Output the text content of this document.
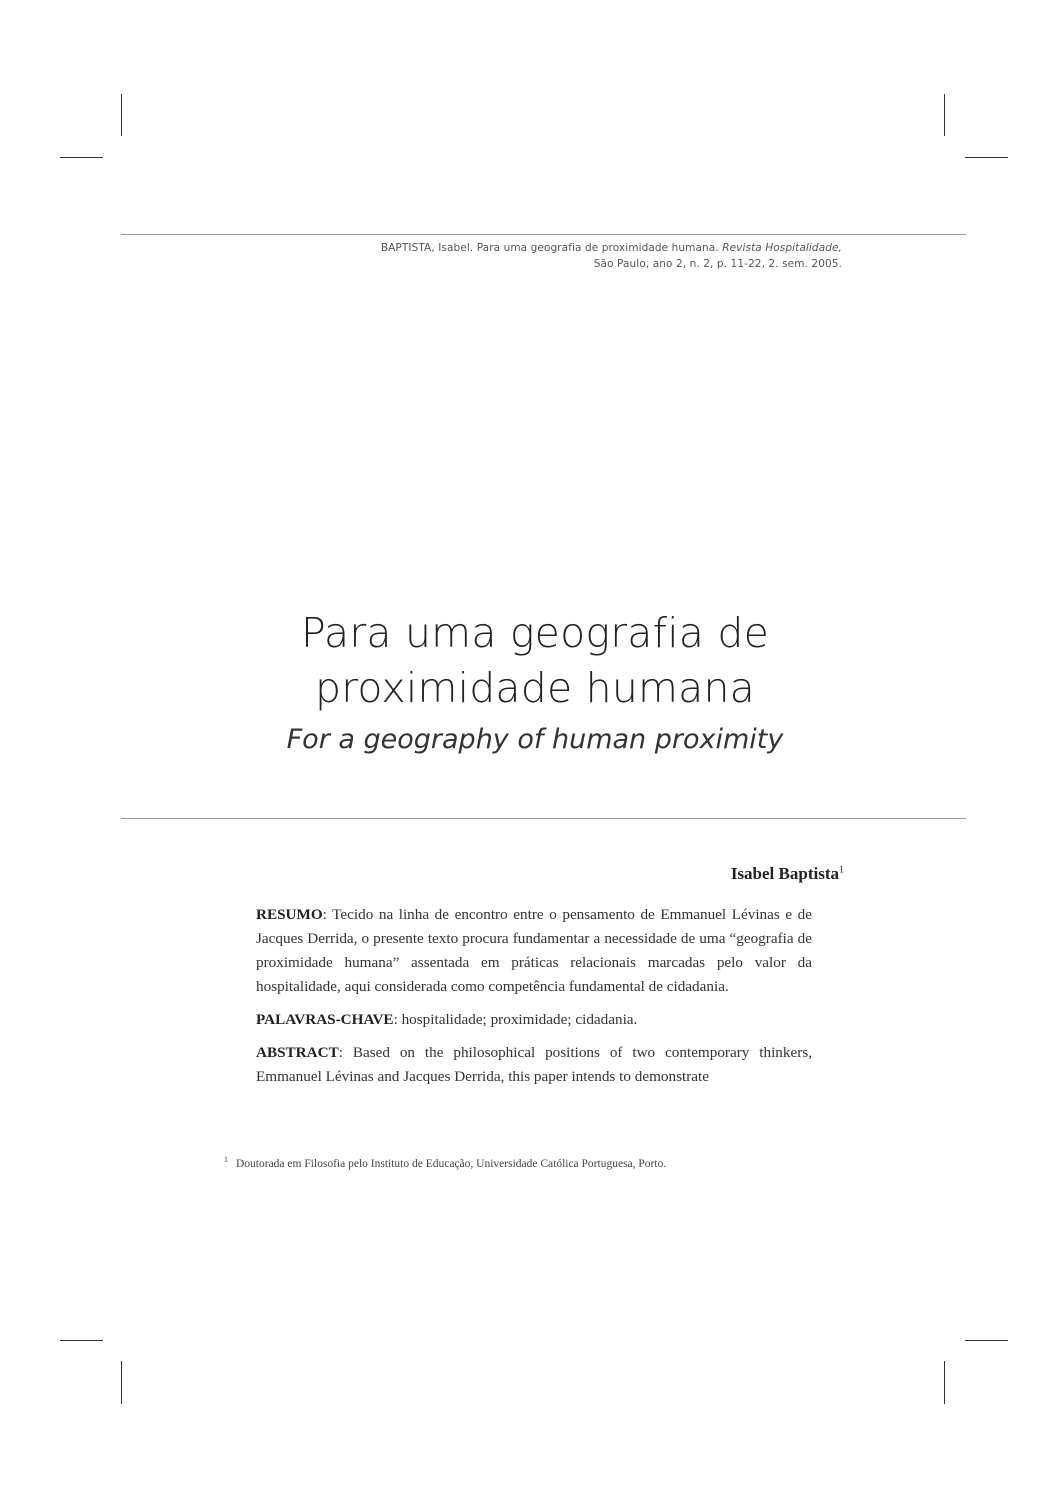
BAPTISTA, Isabel. Para uma geografia de proximidade humana. Revista Hospitalidade,
São Paulo, ano 2, n. 2, p. 11-22, 2. sem. 2005.
Para uma geografia de
proximidade humana
For a geography of human proximity
Isabel Baptista$^1$

RESUMO: Tecido na linha de encontro entre o pensamento de Emmanuel Lévinas e de Jacques Derrida, o presente texto procura fundamentar a necessidade de uma “geografia de proximidade humana” assentada em práticas relacionais marcadas pelo valor da hospitalidade, aqui considerada como competência fundamental de cidadania.

PALAVRAS-CHAVE: hospitalidade; proximidade; cidadania.

ABSTRACT: Based on the philosophical positions of two contemporary thinkers, Emmanuel Lévinas and Jacques Derrida, this paper intends to demonstrate

$^1$ Doutorada em Filosofia pelo Instituto de Educação, Universidade Católica Portuguesa, Porto.
